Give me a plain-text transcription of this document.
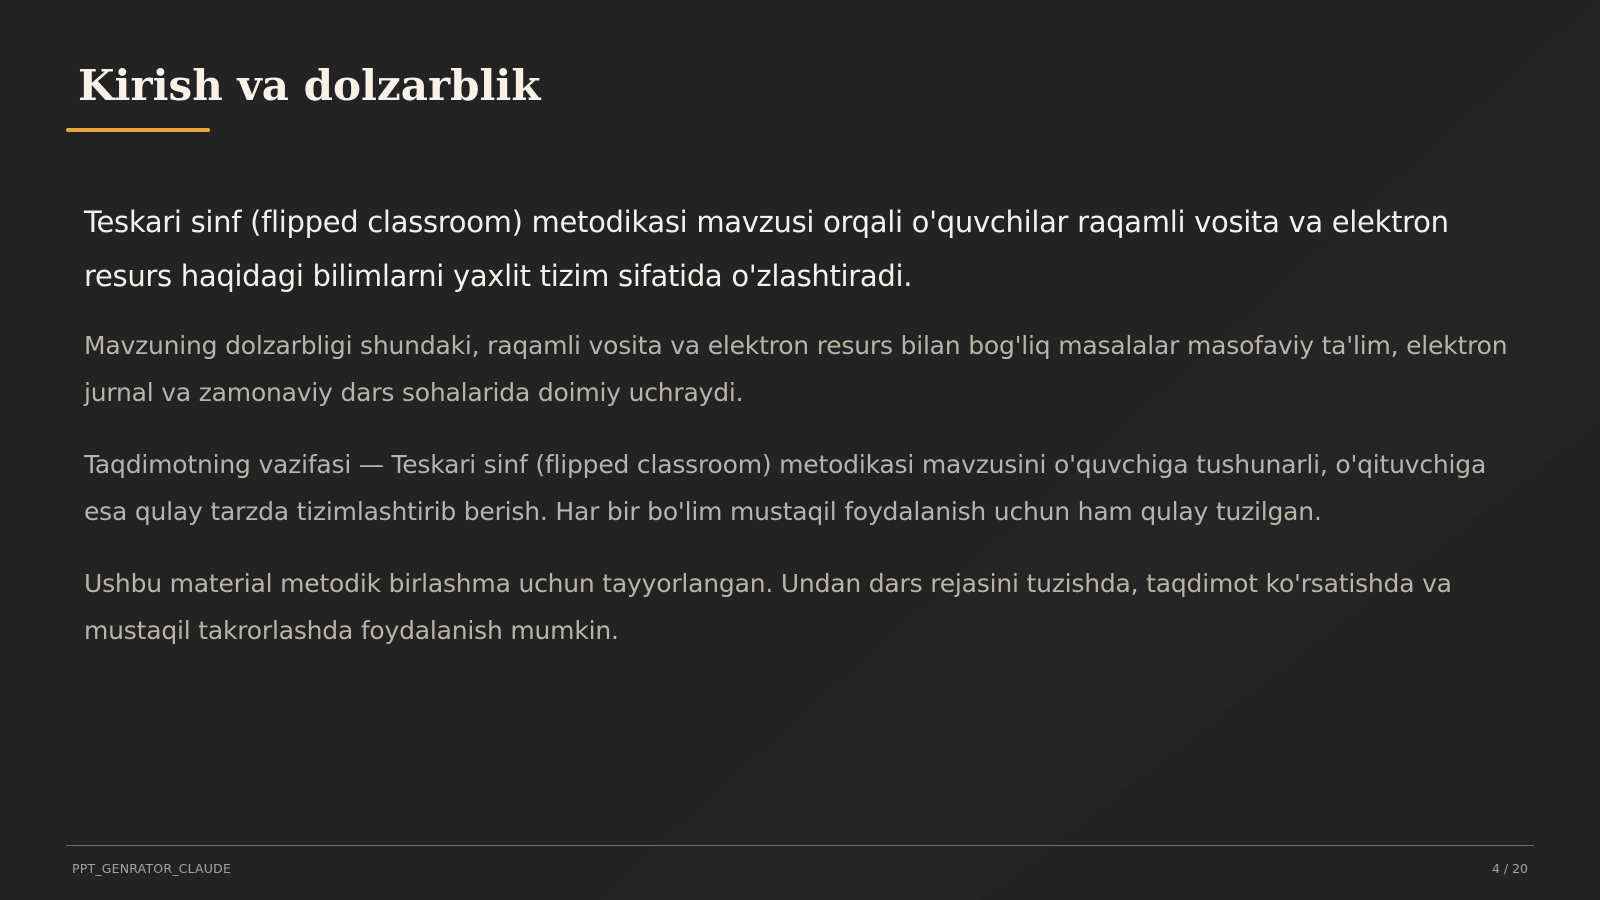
Kirish va dolzarblik

Teskari sinf (flipped classroom) metodikasi mavzusi orqali o'quvchilar raqamli vosita va elektron resurs haqidagi bilimlarni yaxlit tizim sifatida o'zlashtiradi.

Mavzuning dolzarbligi shundaki, raqamli vosita va elektron resurs bilan bog'liq masalalar masofaviy ta'lim, elektron jurnal va zamonaviy dars sohalarida doimiy uchraydi.

Taqdimotning vazifasi — Teskari sinf (flipped classroom) metodikasi mavzusini o'quvchiga tushunarli, o'qituvchiga esa qulay tarzda tizimlashtirib berish. Har bir bo'lim mustaqil foydalanish uchun ham qulay tuzilgan.

Ushbu material metodik birlashma uchun tayyorlangan. Undan dars rejasini tuzishda, taqdimot ko'rsatishda va mustaqil takrorlashda foydalanish mumkin.

PPT_GENRATOR_CLAUDE	4 / 20
